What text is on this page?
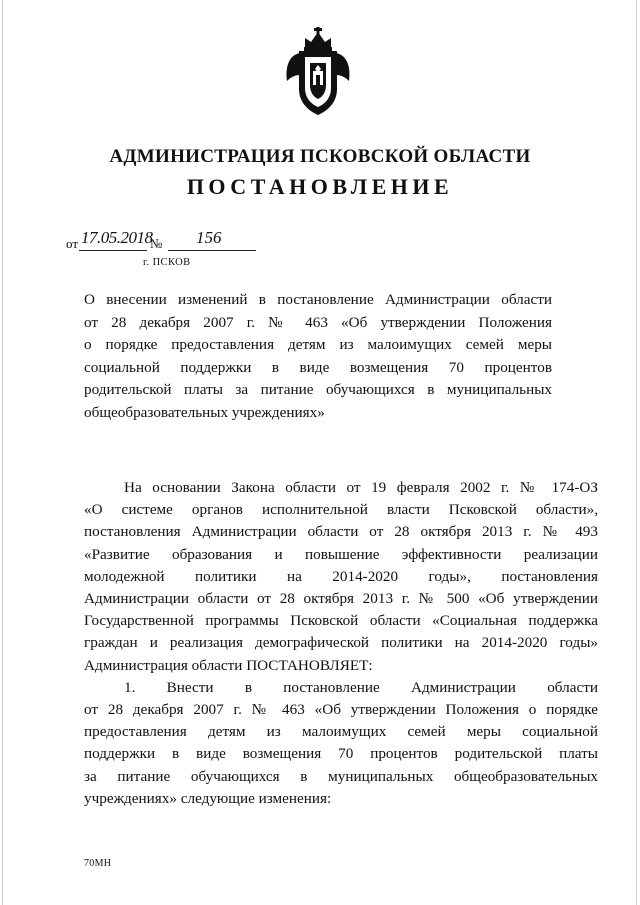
АДМИНИСТРАЦИЯ ПСКОВСКОЙ ОБЛАСТИ
ПОСТАНОВЛЕНИЕ
от 17.05.2018
№ 156
г. ПСКОВ
О внесении изменений в постановление Администрации области
от 28 декабря 2007 г. № 463 «Об утверждении Положения
о порядке предоставления детям из малоимущих семей меры
социальной поддержки в виде возмещения 70 процентов
родительской платы за питание обучающихся в муниципальных
общеобразовательных учреждениях»
На основании Закона области от 19 февраля 2002 г. № 174-ОЗ
«О системе органов исполнительной власти Псковской области»,
постановления Администрации области от 28 октября 2013 г. № 493
«Развитие образования и повышение эффективности реализации
молодежной политики на 2014-2020 годы», постановления
Администрации области от 28 октября 2013 г. № 500 «Об утверждении
Государственной программы Псковской области «Социальная поддержка
граждан и реализация демографической политики на 2014-2020 годы»
Администрация области ПОСТАНОВЛЯЕТ:
1. Внести в постановление Администрации области
от 28 декабря 2007 г. № 463 «Об утверждении Положения о порядке
предоставления детям из малоимущих семей меры социальной
поддержки в виде возмещения 70 процентов родительской платы
за питание обучающихся в муниципальных общеобразовательных
учреждениях» следующие изменения:
70МН
